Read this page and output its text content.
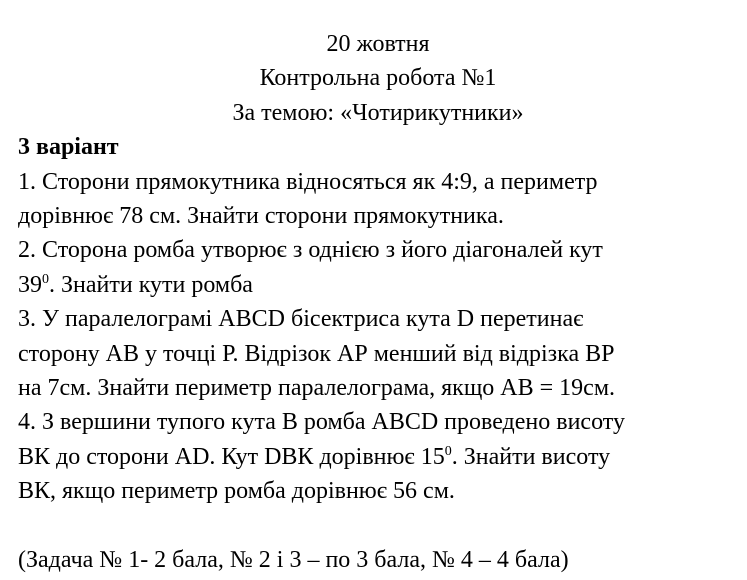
20 жовтня
Контрольна робота №1
За темою: «Чотирикутники»
3 варіант
1. Сторони прямокутника відносяться як 4:9, а периметр
дорівнює 78 см. Знайти сторони прямокутника.
2. Сторона ромба утворює з однією з його діагоналей кут
$39^0$. Знайти кути ромба
3. У паралелограмі АВСD бісектриса кута D перетинає
сторону АВ у точці Р. Відрізок АР менший від відрізка ВР
на 7см. Знайти периметр паралелограма, якщо АВ = 19см.
4. З вершини тупого кута В ромба АВСD проведено висоту
ВК до сторони АD. Кут DВК дорівнює $15^0$. Знайти висоту
ВК, якщо периметр ромба дорівнює 56 см.
(Задача № 1- 2 бала, № 2 і 3 – по 3 бала, № 4 – 4 бала)
